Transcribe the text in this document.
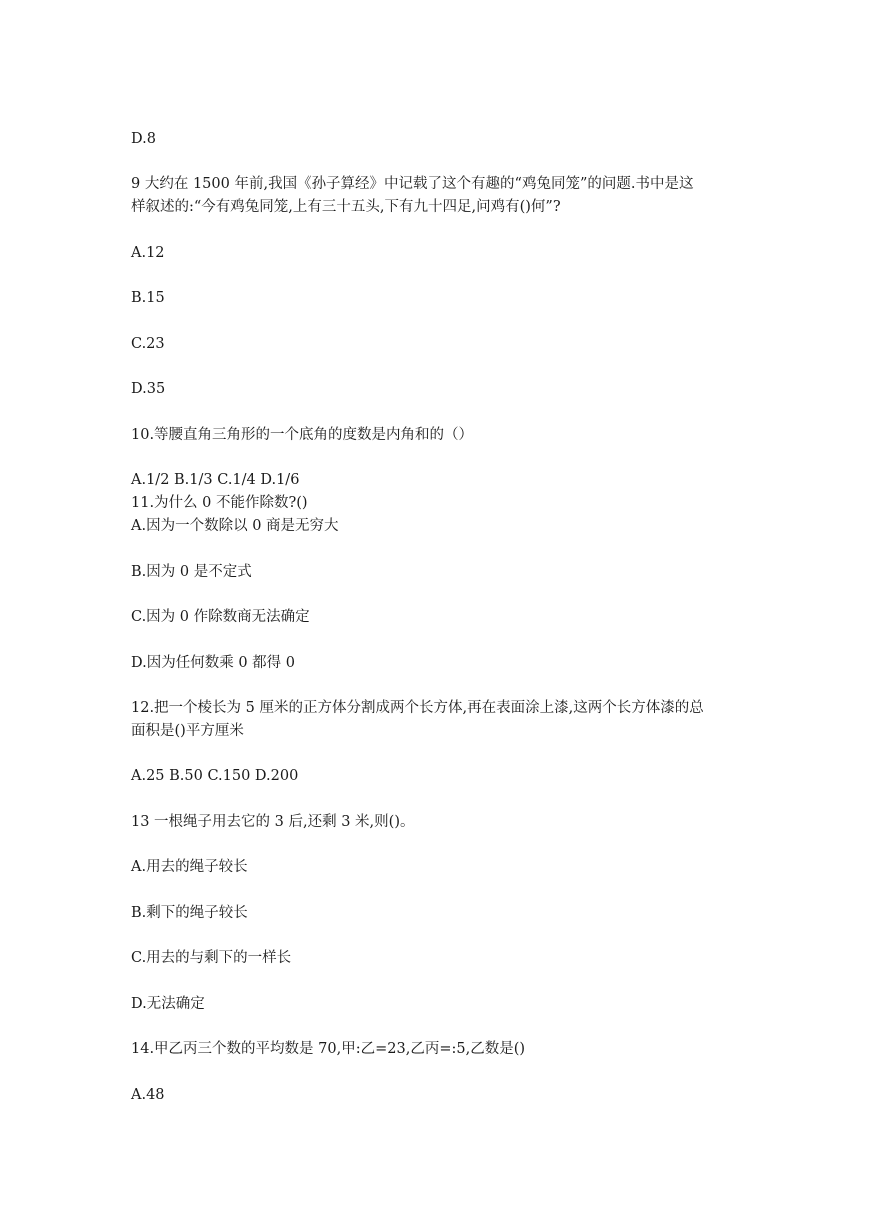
D.8
9 大约在 1500 年前,我国《孙子算经》中记载了这个有趣的“鸡兔同笼”的问题.书中是这
样叙述的:“今有鸡兔同笼,上有三十五头,下有九十四足,问鸡有()何”?
A.12
B.15
C.23
D.35
10.等腰直角三角形的一个底角的度数是内角和的（）
A.1/2 B.1/3 C.1/4 D.1/6
11.为什么 0 不能作除数?()
A.因为一个数除以 0 商是无穷大
B.因为 0 是不定式
C.因为 0 作除数商无法确定
D.因为任何数乘 0 都得 0
12.把一个棱长为 5 厘米的正方体分割成两个长方体,再在表面涂上漆,这两个长方体漆的总
面积是()平方厘米
A.25 B.50 C.150 D.200
13 一根绳子用去它的 3 后,还剩 3 米,则()。
A.用去的绳子较长
B.剩下的绳子较长
C.用去的与剩下的一样长
D.无法确定
14.甲乙丙三个数的平均数是 70,甲:乙=23,乙丙=:5,乙数是()
A.48
